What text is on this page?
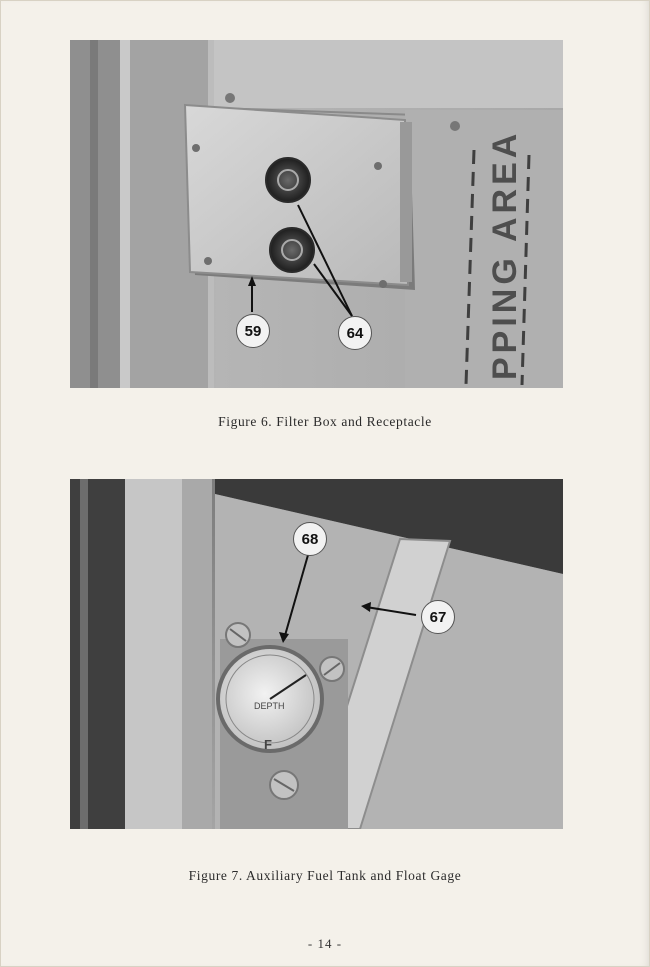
PPING AREA
59	64
Figure 6. Filter Box and Receptacle
DEPTH
F
68
67
Figure 7. Auxiliary Fuel Tank and Float Gage
- 14 -
